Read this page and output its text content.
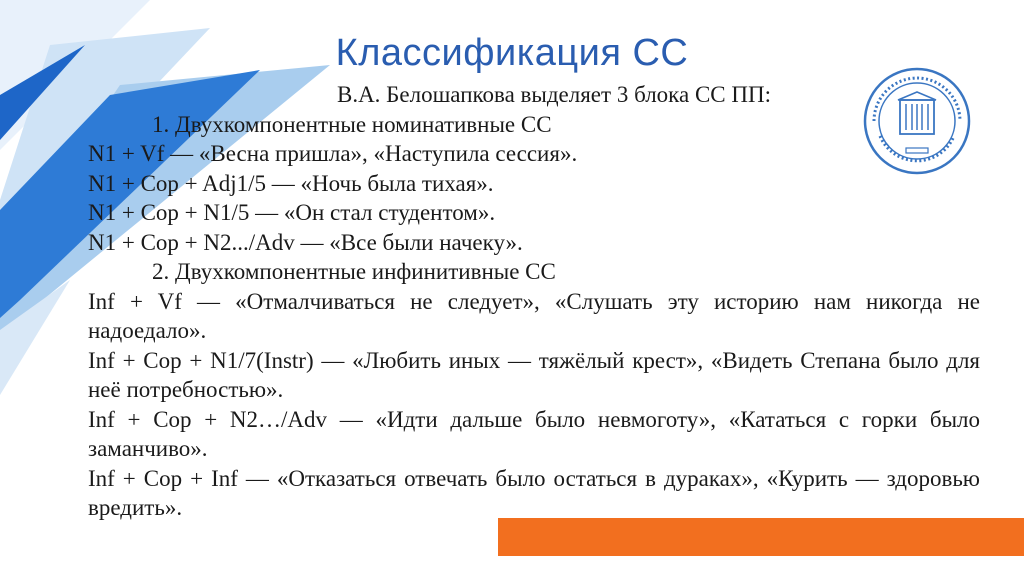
Классификация СС
В.А. Белошапкова выделяет 3 блока СС ПП:
1. Двухкомпонентные номинативные СС
N1 + Vf — «Весна пришла», «Наступила сессия».
N1 + Cop + Adj1/5 — «Ночь была тихая».
N1 + Cop + N1/5 — «Он стал студентом».
N1 + Cop + N2.../Adv — «Все были начеку».
2. Двухкомпонентные инфинитивные СС
Inf + Vf — «Отмалчиваться не следует», «Слушать эту историю нам никогда не надоедало».
Inf + Cop + N1/7(Instr) — «Любить иных — тяжёлый крест», «Видеть Степана было для неё потребностью».
Inf + Cop + N2…/Adv — «Идти дальше было невмоготу», «Кататься с горки было заманчиво».
Inf + Cop + Inf — «Отказаться отвечать было остаться в дураках», «Курить — здоровью вредить».
